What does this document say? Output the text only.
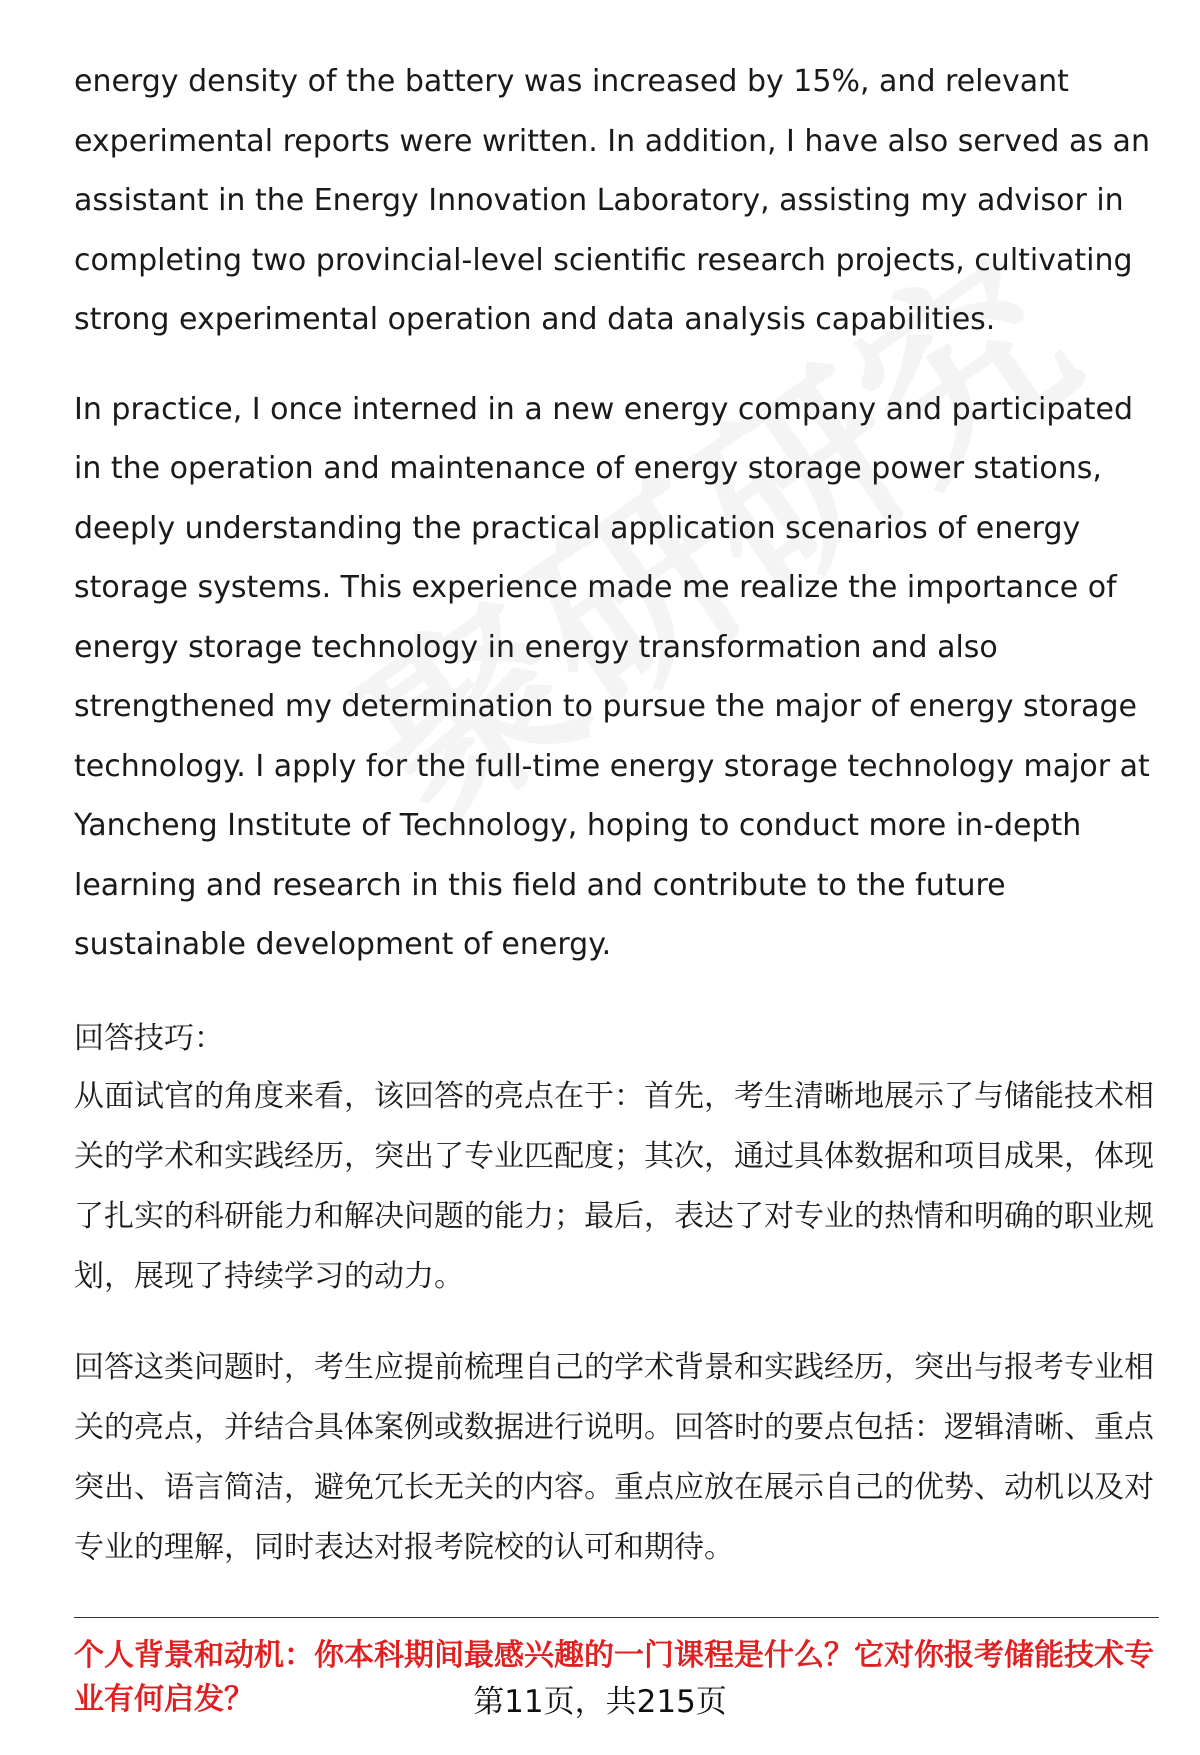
energy density of the battery was increased by 15%, and relevant experimental reports were written. In addition, I have also served as an assistant in the Energy Innovation Laboratory, assisting my advisor in completing two provincial-level scientific research projects, cultivating strong experimental operation and data analysis capabilities.

In practice, I once interned in a new energy company and participated in the operation and maintenance of energy storage power stations, deeply understanding the practical application scenarios of energy storage systems. This experience made me realize the importance of energy storage technology in energy transformation and also strengthened my determination to pursue the major of energy storage technology. I apply for the full-time energy storage technology major at Yancheng Institute of Technology, hoping to conduct more in-depth learning and research in this field and contribute to the future sustainable development of energy.

回答技巧：

从面试官的角度来看，该回答的亮点在于：首先，考生清晰地展示了与储能技术相关的学术和实践经历，突出了专业匹配度；其次，通过具体数据和项目成果，体现了扎实的科研能力和解决问题的能力；最后，表达了对专业的热情和明确的职业规划，展现了持续学习的动力。

回答这类问题时，考生应提前梳理自己的学术背景和实践经历，突出与报考专业相关的亮点，并结合具体案例或数据进行说明。回答时的要点包括：逻辑清晰、重点突出、语言简洁，避免冗长无关的内容。重点应放在展示自己的优势、动机以及对专业的理解，同时表达对报考院校的认可和期待。

个人背景和动机：你本科期间最感兴趣的一门课程是什么？它对你报考储能技术专业有何启发？	第11页，共215页
